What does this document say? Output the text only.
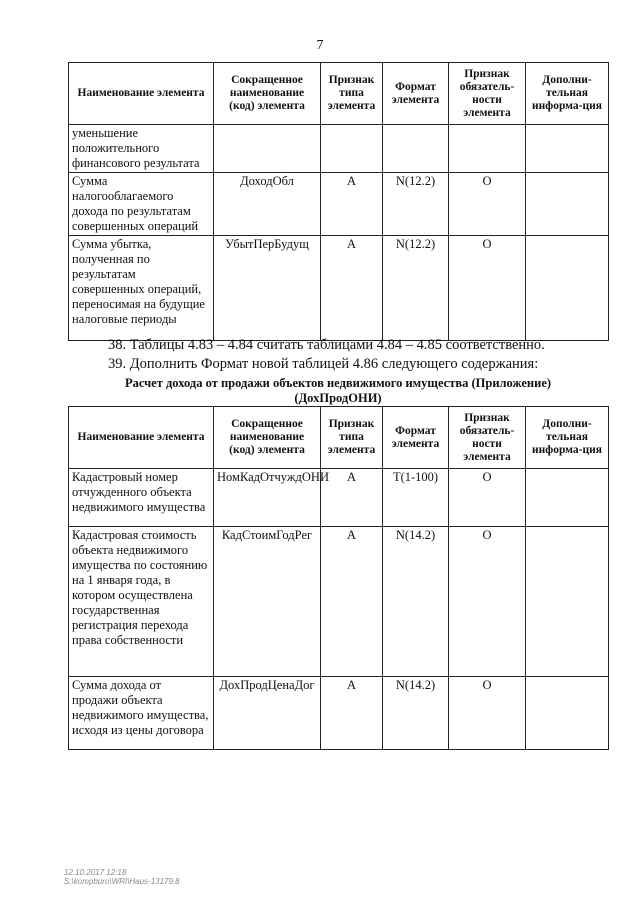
7
Наименование элемента	Сокращенное наименование (код) элемента	Признак типа элемента	Формат элемента	Признак обязатель-ности элемента	Дополни-тельная информа-ция
уменьшение положительного финансового результата					
Сумма налогооблагаемого дохода по результатам совершенных операций	ДоходОбл	А	N(12.2)	О	
Сумма убытка, полученная по результатам совершенных операций, переносимая на будущие налоговые периоды	УбытПерБудущ	А	N(12.2)	О	
38. Таблицы 4.83 – 4.84 считать таблицами 4.84 – 4.85 соответственно.
39. Дополнить Формат новой таблицей 4.86 следующего содержания:
Расчет дохода от продажи объектов недвижимого имущества (Приложение)
(ДохПродОНИ)
Наименование элемента	Сокращенное наименование (код) элемента	Признак типа элемента	Формат элемента	Признак обязатель-ности элемента	Дополни-тельная информа-ция
Кадастровый номер отчужденного объекта недвижимого имущества	НомКадОтчуждОНИ	А	Т(1-100)	О	
Кадастровая стоимость объекта недвижимого имущества по состоянию на 1 января года, в котором осуществлена государственная регистрация перехода права собственности	КадСтоимГодРег	А	N(14.2)	О	
Сумма дохода от продажи объекта недвижимого имущества, исходя из цены договора	ДохПродЦенаДог	А	N(14.2)	О	
12.10.2017 12:18
S:\kompburo\WRI\Haus-13179.8
